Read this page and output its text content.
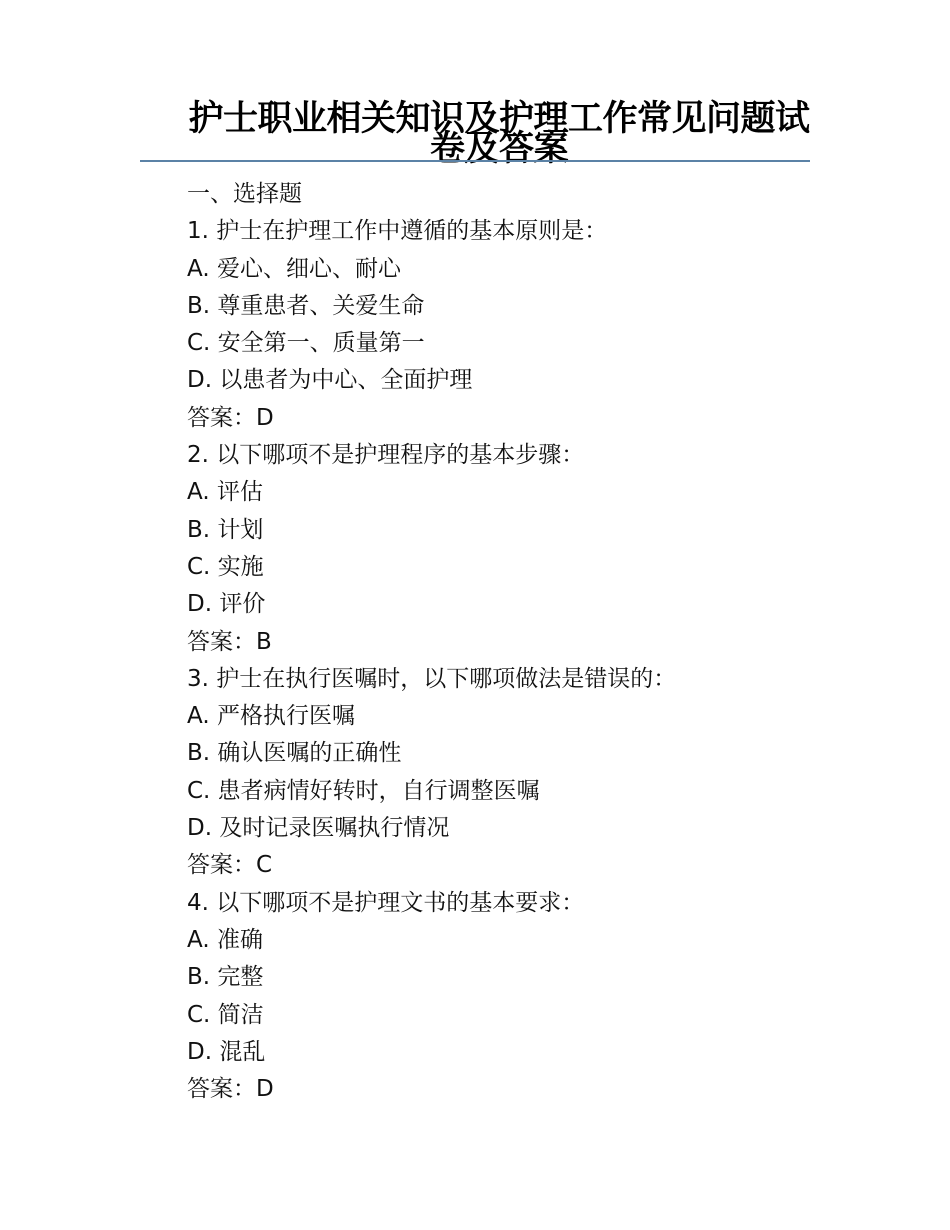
护士职业相关知识及护理工作常见问题试卷及答案
一、选择题
1. 护士在护理工作中遵循的基本原则是：
A. 爱心、细心、耐心
B. 尊重患者、关爱生命
C. 安全第一、质量第一
D. 以患者为中心、全面护理
答案：D
2. 以下哪项不是护理程序的基本步骤：
A. 评估
B. 计划
C. 实施
D. 评价
答案：B
3. 护士在执行医嘱时，以下哪项做法是错误的：
A. 严格执行医嘱
B. 确认医嘱的正确性
C. 患者病情好转时，自行调整医嘱
D. 及时记录医嘱执行情况
答案：C
4. 以下哪项不是护理文书的基本要求：
A. 准确
B. 完整
C. 简洁
D. 混乱
答案：D
